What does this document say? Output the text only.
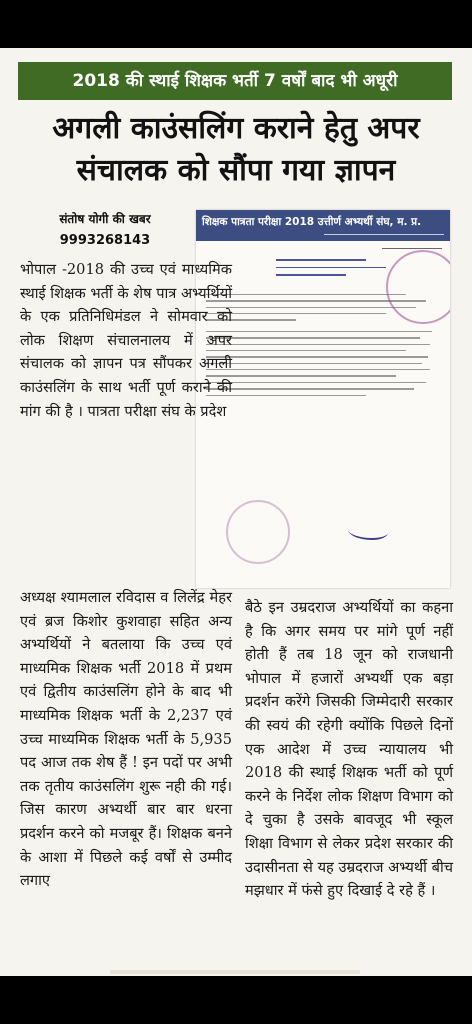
2018 की स्थाई शिक्षक भर्ती 7 वर्षों बाद भी अधूरी
अगली काउंसलिंग कराने हेतु अपर
संचालक को सौंपा गया ज्ञापन
संतोष योगी की खबर
9993268143
शिक्षक पात्रता परीक्षा 2018 उत्तीर्ण अभ्यर्थी संघ, म. प्र.
भोपाल -2018 की उच्च एवं माध्यमिक स्थाई शिक्षक भर्ती के शेष पात्र अभ्यर्थियों के एक प्रतिनिधिमंडल ने सोमवार को लोक शिक्षण संचालनालय में अपर संचालक को ज्ञापन पत्र सौंपकर अगली काउंसलिंग के साथ भर्ती पूर्ण कराने की मांग की है । पात्रता परीक्षा संघ के प्रदेश
अध्यक्ष श्यामलाल रविदास व लिलेंद्र मेहर एवं ब्रज किशोर कुशवाहा सहित अन्य अभ्यर्थियों ने बतलाया कि उच्च एवं माध्यमिक शिक्षक भर्ती 2018 में प्रथम एवं द्वितीय काउंसलिंग होने के बाद भी माध्यमिक शिक्षक भर्ती के 2,237 एवं उच्च माध्यमिक शिक्षक भर्ती के 5,935 पद आज तक शेष हैं ! इन पदों पर अभी तक तृतीय काउंसलिंग शुरू नही की गई। जिस कारण अभ्यर्थी बार बार धरना प्रदर्शन करने को मजबूर हैं। शिक्षक बनने के आशा में पिछले कई वर्षों से उम्मीद लगाए
बैठे इन उम्रदराज अभ्यर्थियों का कहना है कि अगर समय पर मांगे पूर्ण नहीं होती हैं तब 18 जून को राजधानी भोपाल में हजारों अभ्यर्थी एक बड़ा प्रदर्शन करेंगे जिसकी जिम्मेदारी सरकार की स्वयं की रहेगी क्योंकि पिछले दिनों एक आदेश में उच्च न्यायालय भी 2018 की स्थाई शिक्षक भर्ती को पूर्ण करने के निर्देश लोक शिक्षण विभाग को दे चुका है उसके बावजूद भी स्कूल शिक्षा विभाग से लेकर प्रदेश सरकार की उदासीनता से यह उम्रदराज अभ्यर्थी बीच मझधार में फंसे हुए दिखाई दे रहे हैं ।
